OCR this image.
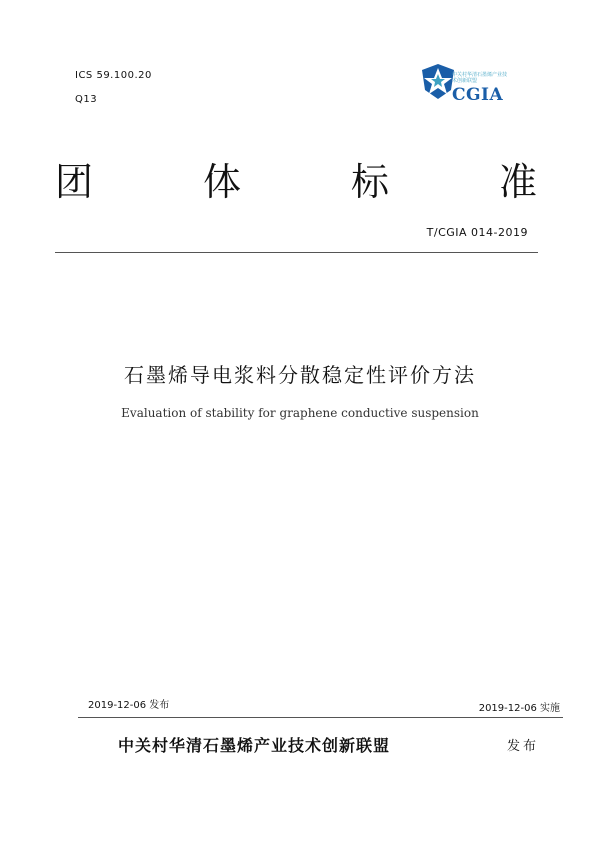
ICS 59.100.20
Q13
中关村华清石墨烯产业技术创新联盟
CGIA
团	体	标	准
T/CGIA 014-2019
石墨烯导电浆料分散稳定性评价方法
Evaluation of stability for graphene conductive suspension
2019-12-06 发布	2019-12-06 实施
中关村华清石墨烯产业技术创新联盟	发布
